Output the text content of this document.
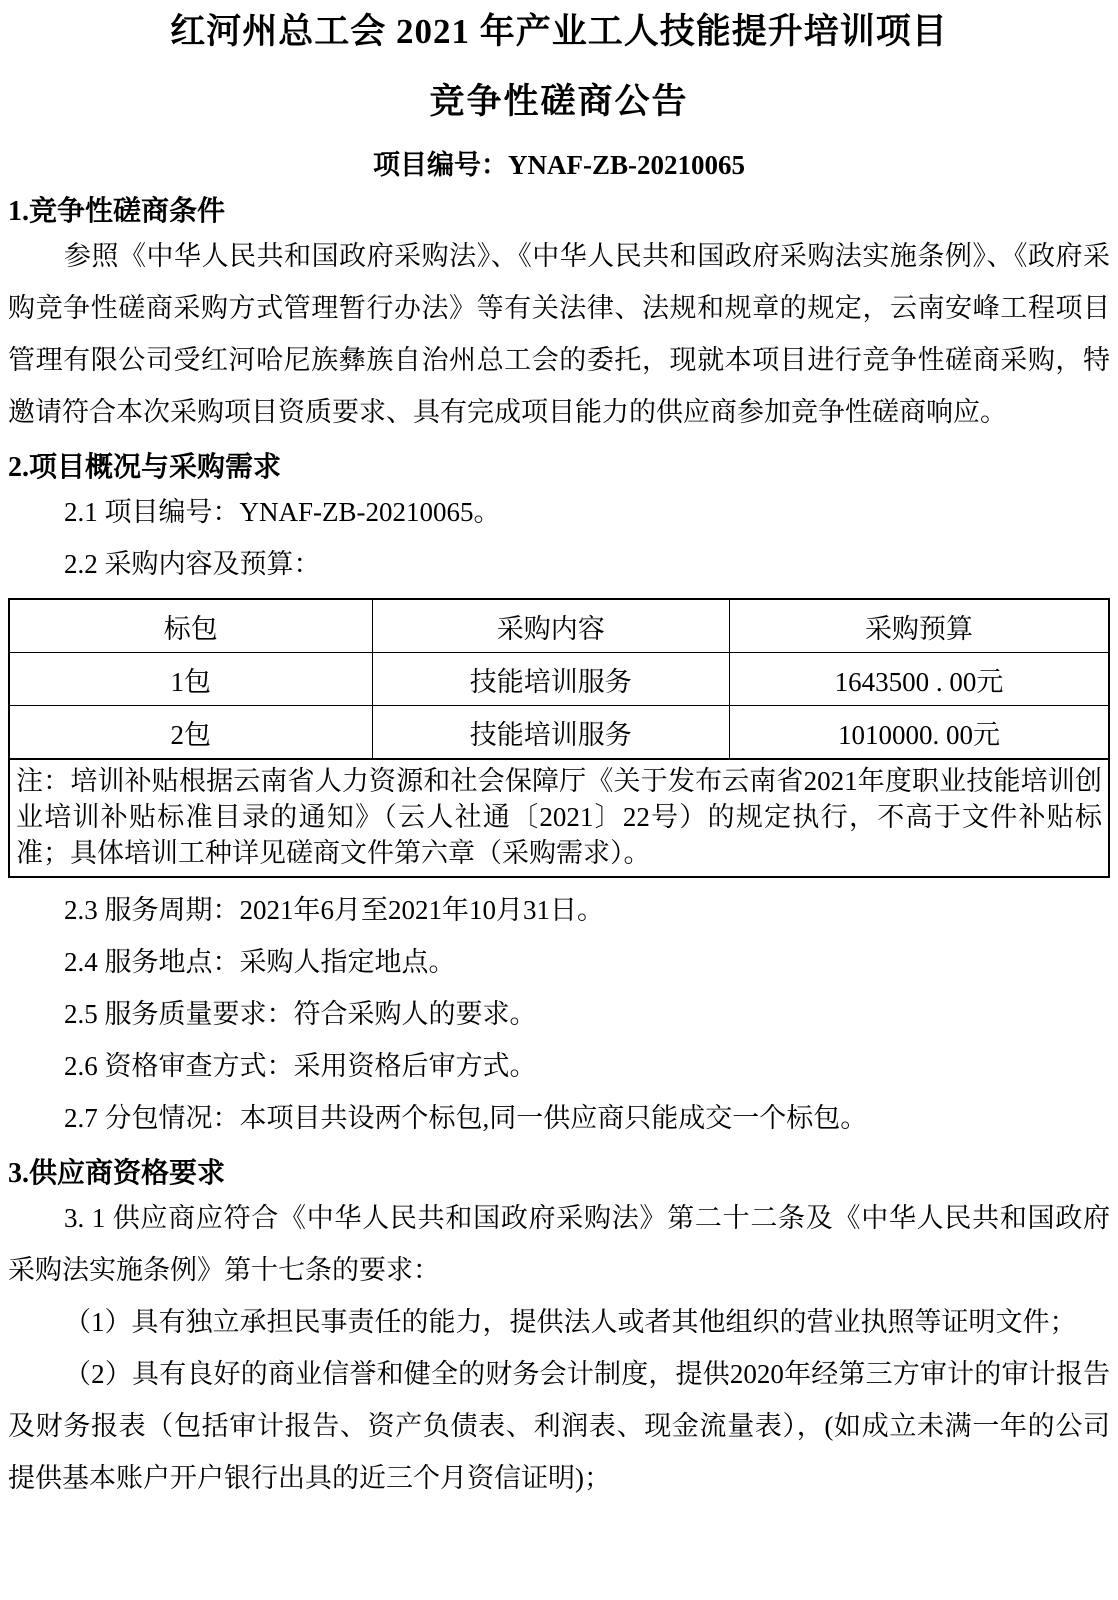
红河州总工会 2021 年产业工人技能提升培训项目
竞争性磋商公告
项目编号：YNAF-ZB-20210065
1.竞争性磋商条件

参照《中华人民共和国政府采购法》、《中华人民共和国政府采购法实施条例》、《政府采购竞争性磋商采购方式管理暂行办法》等有关法律、法规和规章的规定，云南安峰工程项目管理有限公司受红河哈尼族彝族自治州总工会的委托，现就本项目进行竞争性磋商采购，特邀请符合本次采购项目资质要求、具有完成项目能力的供应商参加竞争性磋商响应。

2.项目概况与采购需求

2.1 项目编号：YNAF-ZB-20210065。

2.2 采购内容及预算：

标包	采购内容	采购预算
1包	技能培训服务	1643500 . 00元
2包	技能培训服务	1010000. 00元
注：培训补贴根据云南省人力资源和社会保障厅《关于发布云南省2021年度职业技能培训创业培训补贴标准目录的通知》（云人社通〔2021〕22号）的规定执行，不高于文件补贴标准；具体培训工种详见磋商文件第六章（采购需求）。		

2.3 服务周期：2021年6月至2021年10月31日。

2.4 服务地点：采购人指定地点。

2.5 服务质量要求：符合采购人的要求。

2.6 资格审查方式：采用资格后审方式。

2.7 分包情况：本项目共设两个标包,同一供应商只能成交一个标包。

3.供应商资格要求

3. 1 供应商应符合《中华人民共和国政府采购法》第二十二条及《中华人民共和国政府采购法实施条例》第十七条的要求：

（1）具有独立承担民事责任的能力，提供法人或者其他组织的营业执照等证明文件；

（2）具有良好的商业信誉和健全的财务会计制度，提供2020年经第三方审计的审计报告及财务报表（包括审计报告、资产负债表、利润表、现金流量表），(如成立未满一年的公司提供基本账户开户银行出具的近三个月资信证明)；
